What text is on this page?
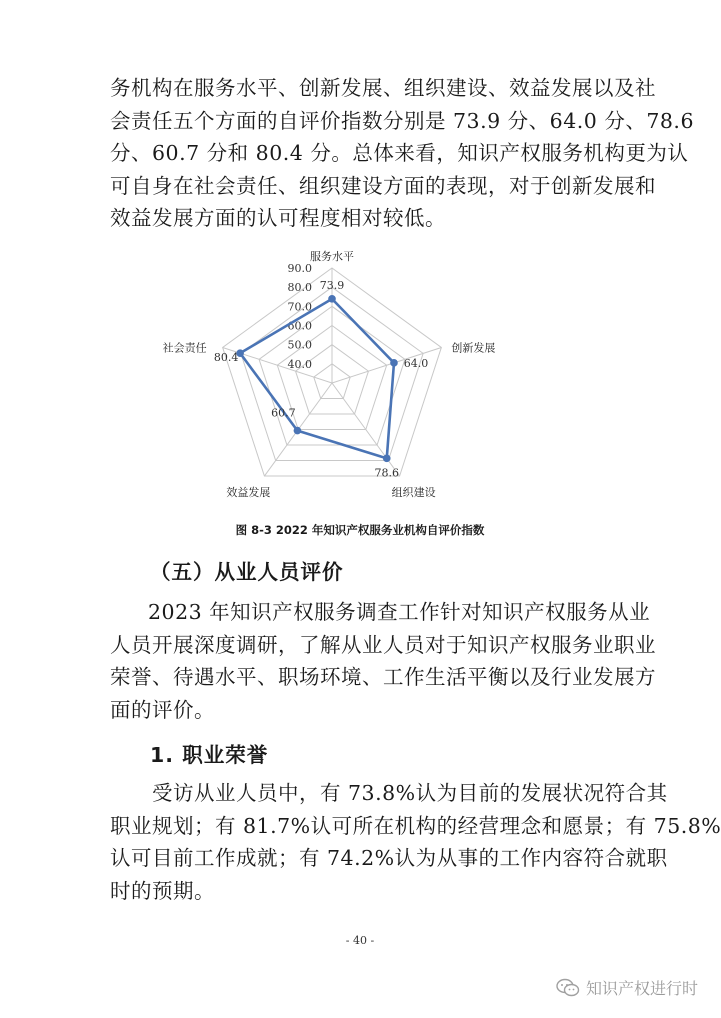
务机构在服务水平、创新发展、组织建设、效益发展以及社
会责任五个方面的自评价指数分别是 73.9 分、64.0 分、78.6
分、60.7 分和 80.4 分。总体来看，知识产权服务机构更为认
可自身在社会责任、组织建设方面的表现，对于创新发展和
效益发展方面的认可程度相对较低。
40.0
50.0
60.0
70.0
80.0
90.0
73.9
64.0
78.6
60.7
80.4
服务水平
创新发展
组织建设
效益发展
社会责任
图 8-3 2022 年知识产权服务业机构自评价指数
（五）从业人员评价
2023 年知识产权服务调查工作针对知识产权服务从业
人员开展深度调研，了解从业人员对于知识产权服务业职业
荣誉、待遇水平、职场环境、工作生活平衡以及行业发展方
面的评价。
1. 职业荣誉
受访从业人员中，有 73.8%认为目前的发展状况符合其
职业规划；有 81.7%认可所在机构的经营理念和愿景；有 75.8%
认可目前工作成就；有 74.2%认为从事的工作内容符合就职
时的预期。
- 40 -
知识产权进行时
